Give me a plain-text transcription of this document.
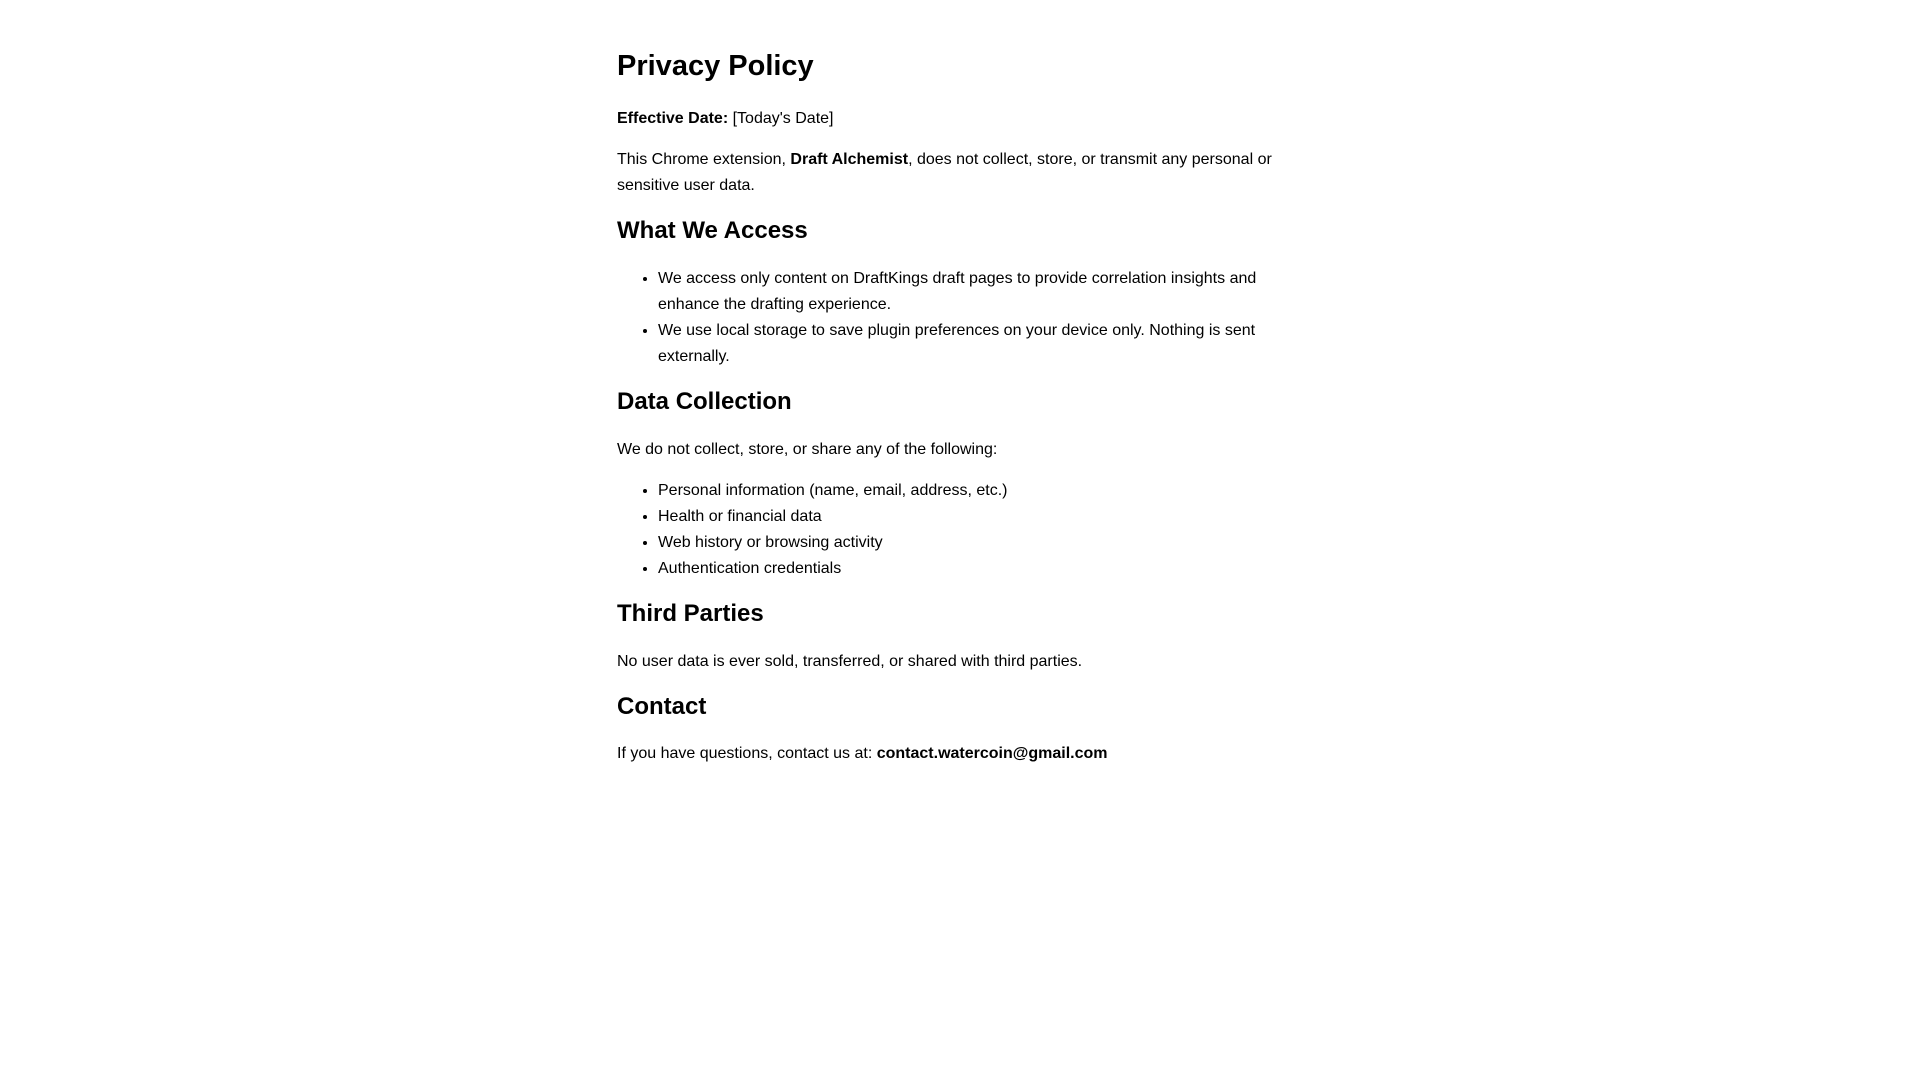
Privacy Policy

Effective Date: [Today's Date]

This Chrome extension, Draft Alchemist, does not collect, store, or transmit any personal or sensitive user data.

What We Access
• We access only content on DraftKings draft pages to provide correlation insights and enhance the drafting experience.
• We use local storage to save plugin preferences on your device only. Nothing is sent externally.
Data Collection

We do not collect, store, or share any of the following:

• Personal information (name, email, address, etc.)
• Health or financial data
• Web history or browsing activity
• Authentication credentials
Third Parties

No user data is ever sold, transferred, or shared with third parties.

Contact

If you have questions, contact us at: contact.watercoin@gmail.com
